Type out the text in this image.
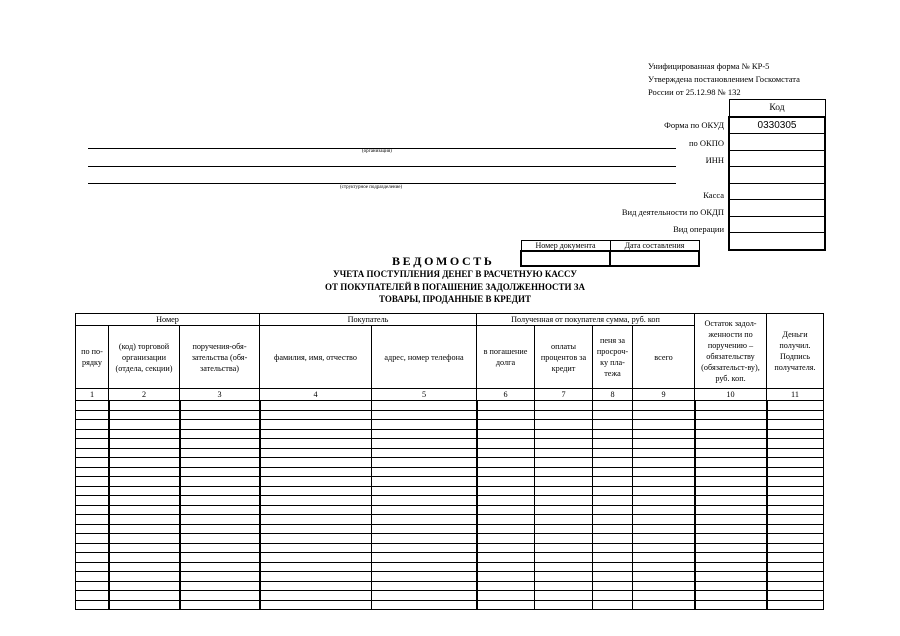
Унифицированная форма № КР-5
Утверждена постановлением Госкомстата
России от 25.12.98 № 132
Код
0330305

Форма по ОКУД
по ОКПО
ИНН
Касса
Вид деятельности по ОКДП
Вид операции
(организация)
(структурное подразделение)
Номер документа	Дата составления

ВЕДОМОСТЬ
УЧЕТА ПОСТУПЛЕНИЯ ДЕНЕГ В РАСЧЕТНУЮ КАССУ
ОТ ПОКУПАТЕЛЕЙ В ПОГАШЕНИЕ ЗАДОЛЖЕННОСТИ ЗА
ТОВАРЫ, ПРОДАННЫЕ В КРЕДИТ
Номер			Покупатель		Полученная от покупателя сумма, руб. коп				Остаток задол-женности по поручению – обязательству (обязательст-ву), руб. коп.	Деньги получил. Подпись получателя.
по по-рядку	(код) торговой организации (отдела, секции)	поручения-обя-зательства (обя-зательства)	фамилия, имя, отчество	адрес, номер телефона	в погашение долга	оплаты процентов за кредит	пеня за просроч-ку пла-тежа	всего		
1	2	3	4	5	6	7	8	9	10	11
